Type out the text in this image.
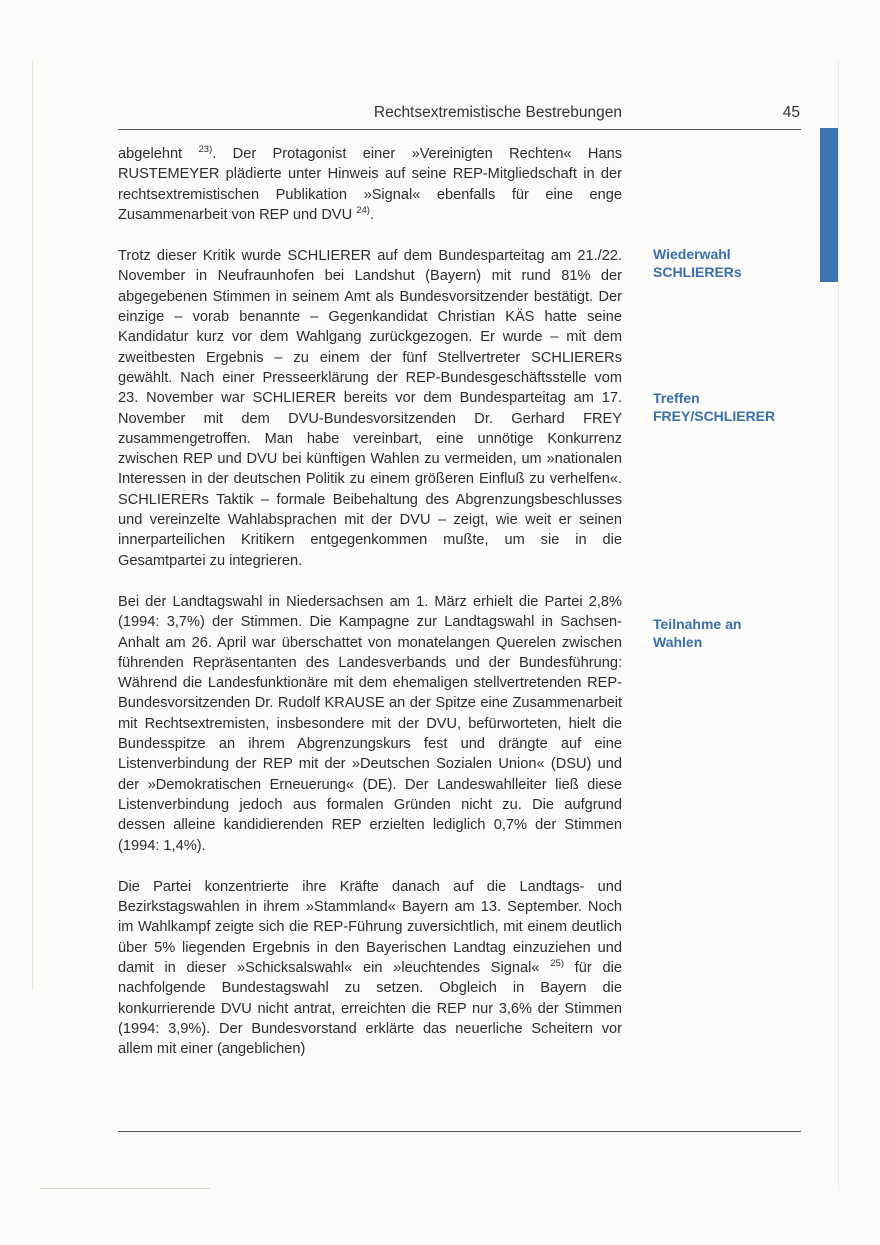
Rechtsextremistische Bestrebungen	45

abgelehnt $^{23)}$. Der Protagonist einer »Vereinigten Rechten« Hans RUSTEMEYER plädierte unter Hinweis auf seine REP-Mitgliedschaft in der rechtsextremistischen Publikation »Signal« ebenfalls für eine enge Zusammenarbeit von REP und DVU $^{24)}$.

Trotz dieser Kritik wurde SCHLIERER auf dem Bundesparteitag am 21./22. November in Neufraunhofen bei Landshut (Bayern) mit rund 81% der abgegebenen Stimmen in seinem Amt als Bundesvorsitzender bestätigt. Der einzige – vorab benannte – Gegenkandidat Christian KÄS hatte seine Kandidatur kurz vor dem Wahlgang zurückgezogen. Er wurde – mit dem zweitbesten Ergebnis – zu einem der fünf Stellvertreter SCHLIERERs gewählt. Nach einer Presseerklärung der REP-Bundesgeschäftsstelle vom 23. November war SCHLIERER bereits vor dem Bundesparteitag am 17. November mit dem DVU-Bundesvorsitzenden Dr. Gerhard FREY zusammengetroffen. Man habe vereinbart, eine unnötige Konkurrenz zwischen REP und DVU bei künftigen Wahlen zu vermeiden, um »nationalen Interessen in der deutschen Politik zu einem größeren Einfluß zu verhelfen«. SCHLIERERs Taktik – formale Beibehaltung des Abgrenzungsbeschlusses und vereinzelte Wahlabsprachen mit der DVU – zeigt, wie weit er seinen innerparteilichen Kritikern entgegenkommen mußte, um sie in die Gesamtpartei zu integrieren.

Bei der Landtagswahl in Niedersachsen am 1. März erhielt die Partei 2,8% (1994: 3,7%) der Stimmen. Die Kampagne zur Landtagswahl in Sachsen-Anhalt am 26. April war überschattet von monatelangen Querelen zwischen führenden Repräsentanten des Landesverbands und der Bundesführung: Während die Landesfunktionäre mit dem ehemaligen stellvertretenden REP-Bundesvorsitzenden Dr. Rudolf KRAUSE an der Spitze eine Zusammenarbeit mit Rechtsextremisten, insbesondere mit der DVU, befürworteten, hielt die Bundesspitze an ihrem Abgrenzungskurs fest und drängte auf eine Listenverbindung der REP mit der »Deutschen Sozialen Union« (DSU) und der »Demokratischen Erneuerung« (DE). Der Landeswahlleiter ließ diese Listenverbindung jedoch aus formalen Gründen nicht zu. Die aufgrund dessen alleine kandidierenden REP erzielten lediglich 0,7% der Stimmen (1994: 1,4%).

Die Partei konzentrierte ihre Kräfte danach auf die Landtags- und Bezirkstagswahlen in ihrem »Stammland« Bayern am 13. September. Noch im Wahlkampf zeigte sich die REP-Führung zuversichtlich, mit einem deutlich über 5% liegenden Ergebnis in den Bayerischen Landtag einzuziehen und damit in dieser »Schicksalswahl« ein »leuchtendes Signal« $^{25)}$ für die nachfolgende Bundestagswahl zu setzen. Obgleich in Bayern die konkurrierende DVU nicht antrat, erreichten die REP nur 3,6% der Stimmen (1994: 3,9%). Der Bundesvorstand erklärte das neuerliche Scheitern vor allem mit einer (angeblichen)

Wiederwahl
SCHLIERERs
Treffen
FREY/SCHLIERER
Teilnahme an
Wahlen
